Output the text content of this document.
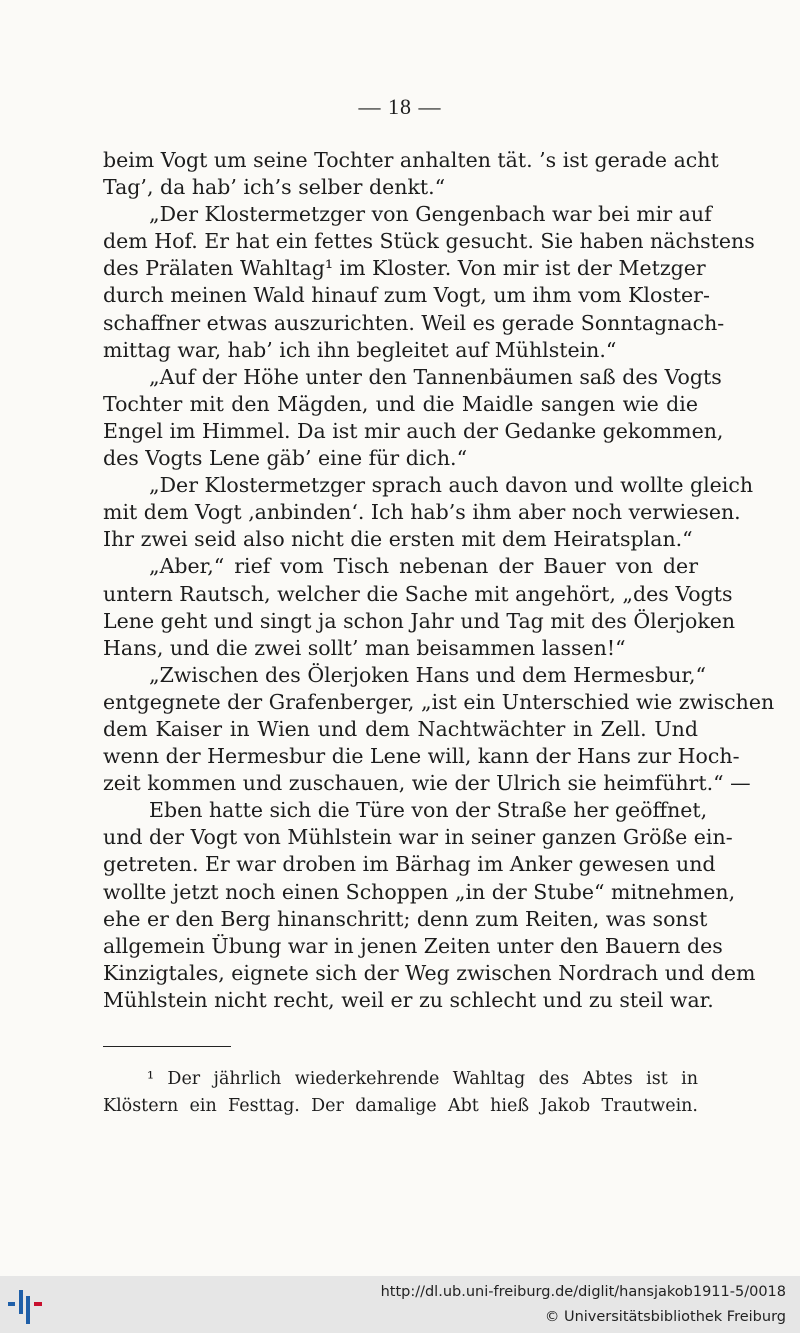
— 18 —
beim Vogt um seine Tochter anhalten tät. ’s ist gerade acht
Tag’, da hab’ ich’s selber denkt.“
„Der Klostermetzger von Gengenbach war bei mir auf
dem Hof. Er hat ein fettes Stück gesucht. Sie haben nächstens
des Prälaten Wahltag¹ im Kloster. Von mir ist der Metzger
durch meinen Wald hinauf zum Vogt, um ihm vom Kloster-
schaffner etwas auszurichten. Weil es gerade Sonntagnach-
mittag war, hab’ ich ihn begleitet auf Mühlstein.“
„Auf der Höhe unter den Tannenbäumen saß des Vogts
Tochter mit den Mägden, und die Maidle sangen wie die
Engel im Himmel. Da ist mir auch der Gedanke gekommen,
des Vogts Lene gäb’ eine für dich.“
„Der Klostermetzger sprach auch davon und wollte gleich
mit dem Vogt ‚anbinden‘. Ich hab’s ihm aber noch verwiesen.
Ihr zwei seid also nicht die ersten mit dem Heiratsplan.“
„Aber,“ rief vom Tisch nebenan der Bauer von der
untern Rautsch, welcher die Sache mit angehört, „des Vogts
Lene geht und singt ja schon Jahr und Tag mit des Ölerjoken
Hans, und die zwei sollt’ man beisammen lassen!“
„Zwischen des Ölerjoken Hans und dem Hermesbur,“
entgegnete der Grafenberger, „ist ein Unterschied wie zwischen
dem Kaiser in Wien und dem Nachtwächter in Zell. Und
wenn der Hermesbur die Lene will, kann der Hans zur Hoch-
zeit kommen und zuschauen, wie der Ulrich sie heimführt.“ —
Eben hatte sich die Türe von der Straße her geöffnet,
und der Vogt von Mühlstein war in seiner ganzen Größe ein-
getreten. Er war droben im Bärhag im Anker gewesen und
wollte jetzt noch einen Schoppen „in der Stube“ mitnehmen,
ehe er den Berg hinanschritt; denn zum Reiten, was sonst
allgemein Übung war in jenen Zeiten unter den Bauern des
Kinzigtales, eignete sich der Weg zwischen Nordrach und dem
Mühlstein nicht recht, weil er zu schlecht und zu steil war.
¹ Der jährlich wiederkehrende Wahltag des Abtes ist in
Klöstern ein Festtag. Der damalige Abt hieß Jakob Trautwein.
http://dl.ub.uni-freiburg.de/diglit/hansjakob1911-5/0018
© Universitätsbibliothek Freiburg
